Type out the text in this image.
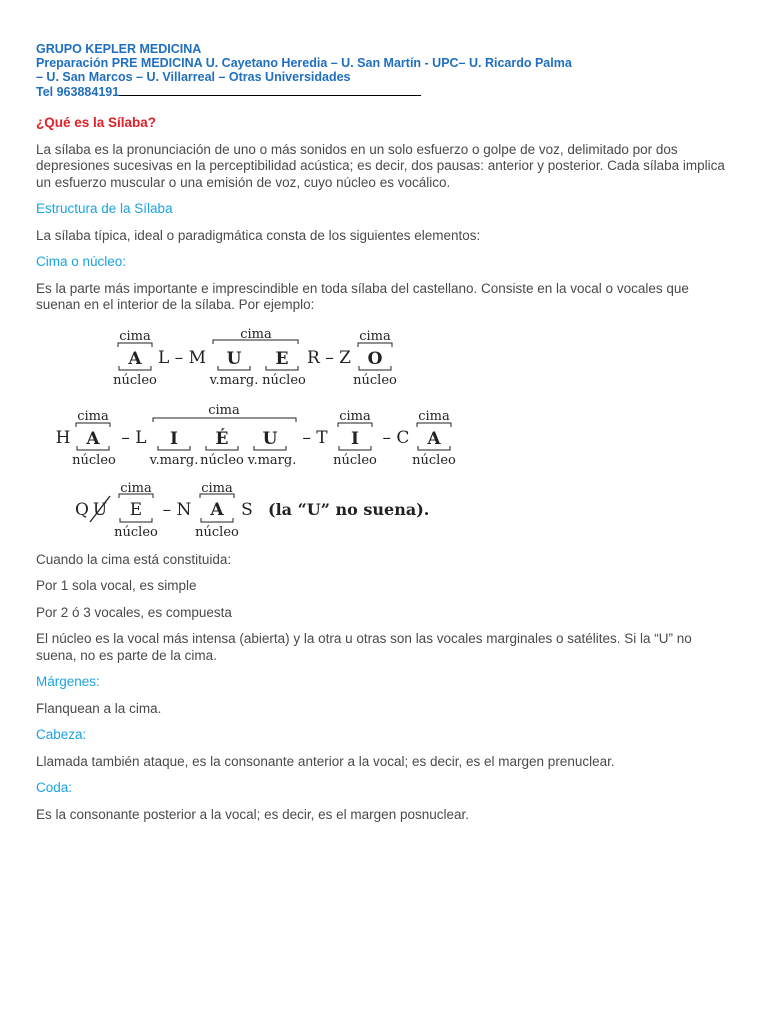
GRUPO KEPLER MEDICINA
Preparación PRE MEDICINA U. Cayetano Heredia – U. San Martín - UPC– U. Ricardo Palma
– U. San Marcos – U. Villarreal – Otras Universidades
Tel 963884191

¿Qué es la Sílaba?

La sílaba es la pronunciación de uno o más sonidos en un solo esfuerzo o golpe de voz, delimitado por dos depresiones sucesivas en la perceptibilidad acústica; es decir, dos pausas: anterior y posterior. Cada sílaba implica un esfuerzo muscular o una emisión de voz, cuyo núcleo es vocálico.

Estructura de la Sílaba

La sílaba típica, ideal o paradigmática consta de los siguientes elementos:

Cima o núcleo:

Es la parte más importante e imprescindible en toda sílaba del castellano. Consiste en la vocal o vocales que suenan en el interior de la sílaba. Por ejemplo:

Cuando la cima está constituida:

Por 1 sola vocal, es simple

Por 2 ó 3 vocales, es compuesta

El núcleo es la vocal más intensa (abierta) y la otra u otras son las vocales marginales o satélites. Si la “U” no suena, no es parte de la cima.

Márgenes:

Flanquean a la cima.

Cabeza:

Llamada también ataque, es la consonante anterior a la vocal; es decir, es el margen prenuclear.

Coda:

Es la consonante posterior a la vocal; es decir, es el margen posnuclear.

cima
A L – M
cima
U E R – Z
cima
O
núcleo	v.marg. núcleo	núcleo
H
cima
A – L
cima
I É U – T
cima
I – C
cima
A
núcleo	v.marg. núcleo v.marg.	núcleo	núcleo
Q U
cima
E – N
cima
A S (la “U” no suena).
núcleo	núcleo
